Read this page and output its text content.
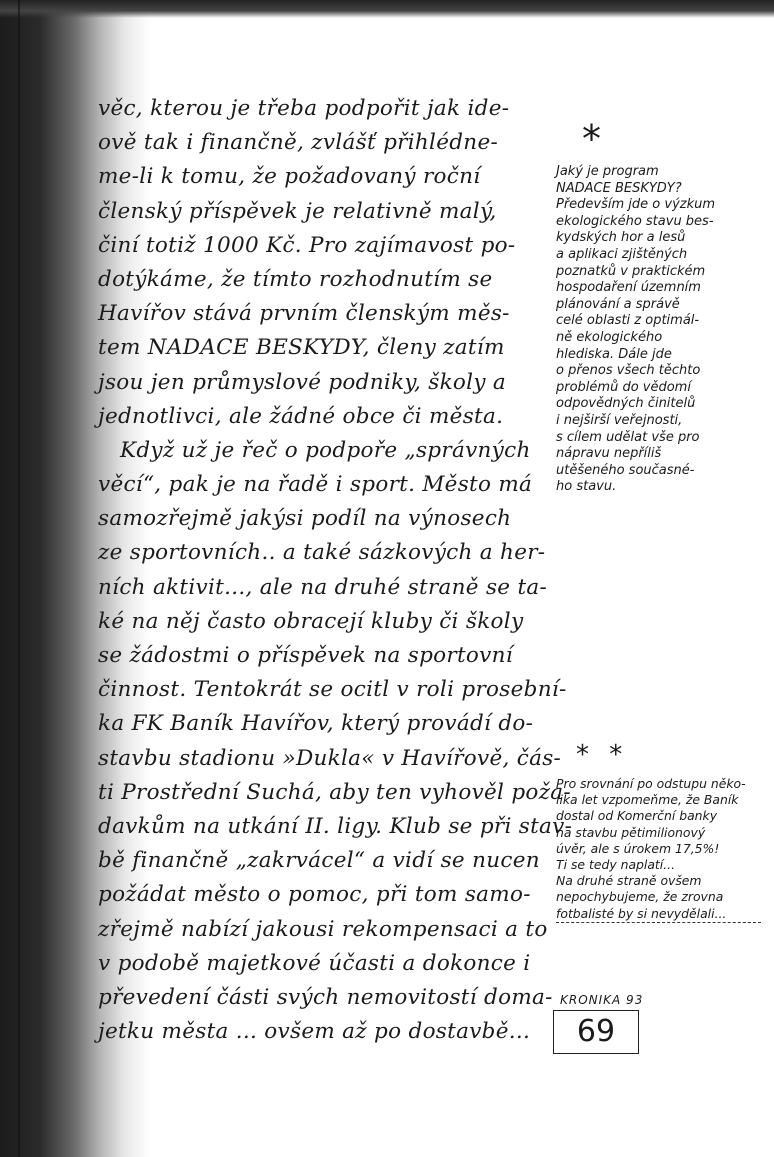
věc, kterou je třeba podpořit jak ide-
ově tak i finančně, zvlášť přihlédne-
me-li k tomu, že požadovaný roční
členský příspěvek je relativně malý,
činí totiž 1000 Kč. Pro zajímavost po-
dotýkáme, že tímto rozhodnutím se
Havířov stává prvním členským měs-
tem NADACE BESKYDY, členy zatím
jsou jen průmyslové podniky, školy a
jednotlivci, ale žádné obce či města.
Když už je řeč o podpoře „správných
věcí“, pak je na řadě i sport. Město má
samozřejmě jakýsi podíl na výnosech
ze sportovních.. a také sázkových a her-
ních aktivit..., ale na druhé straně se ta-
ké na něj často obracejí kluby či školy
se žádostmi o příspěvek na sportovní
činnost. Tentokrát se ocitl v roli prosební-
ka FK Baník Havířov, který provádí do-
stavbu stadionu »Dukla« v Havířově, čás-
ti Prostřední Suchá, aby ten vyhověl poža-
davkům na utkání II. ligy. Klub se při stav-
bě finančně „zakrvácel“ a vidí se nucen
požádat město o pomoc, při tom samo-
zřejmě nabízí jakousi rekompensaci a to
v podobě majetkové účasti a dokonce i
převedení části svých nemovitostí doma-
jetku města ... ovšem až po dostavbě...
*
Jaký je program
NADACE BESKYDY?
Především jde o výzkum
ekologického stavu bes-
kydských hor a lesů
a aplikaci zjištěných
poznatků v praktickém
hospodaření územním
plánování a správě
celé oblasti z optimál-
ně ekologického
hlediska. Dále jde
o přenos všech těchto
problémů do vědomí
odpovědných činitelů
i nejširší veřejnosti,
s cílem udělat vše pro
nápravu nepříliš
utěšeného současné-
ho stavu.
* *
Pro srovnání po odstupu něko-
lika let vzpomeňme, že Baník
dostal od Komerční banky
na stavbu pětimilionový
úvěr, ale s úrokem 17,5%!
Ti se tedy naplatí...
Na druhé straně ovšem
nepochybujeme, že zrovna
fotbalisté by si nevydělali...
KRONIKA 93
69
